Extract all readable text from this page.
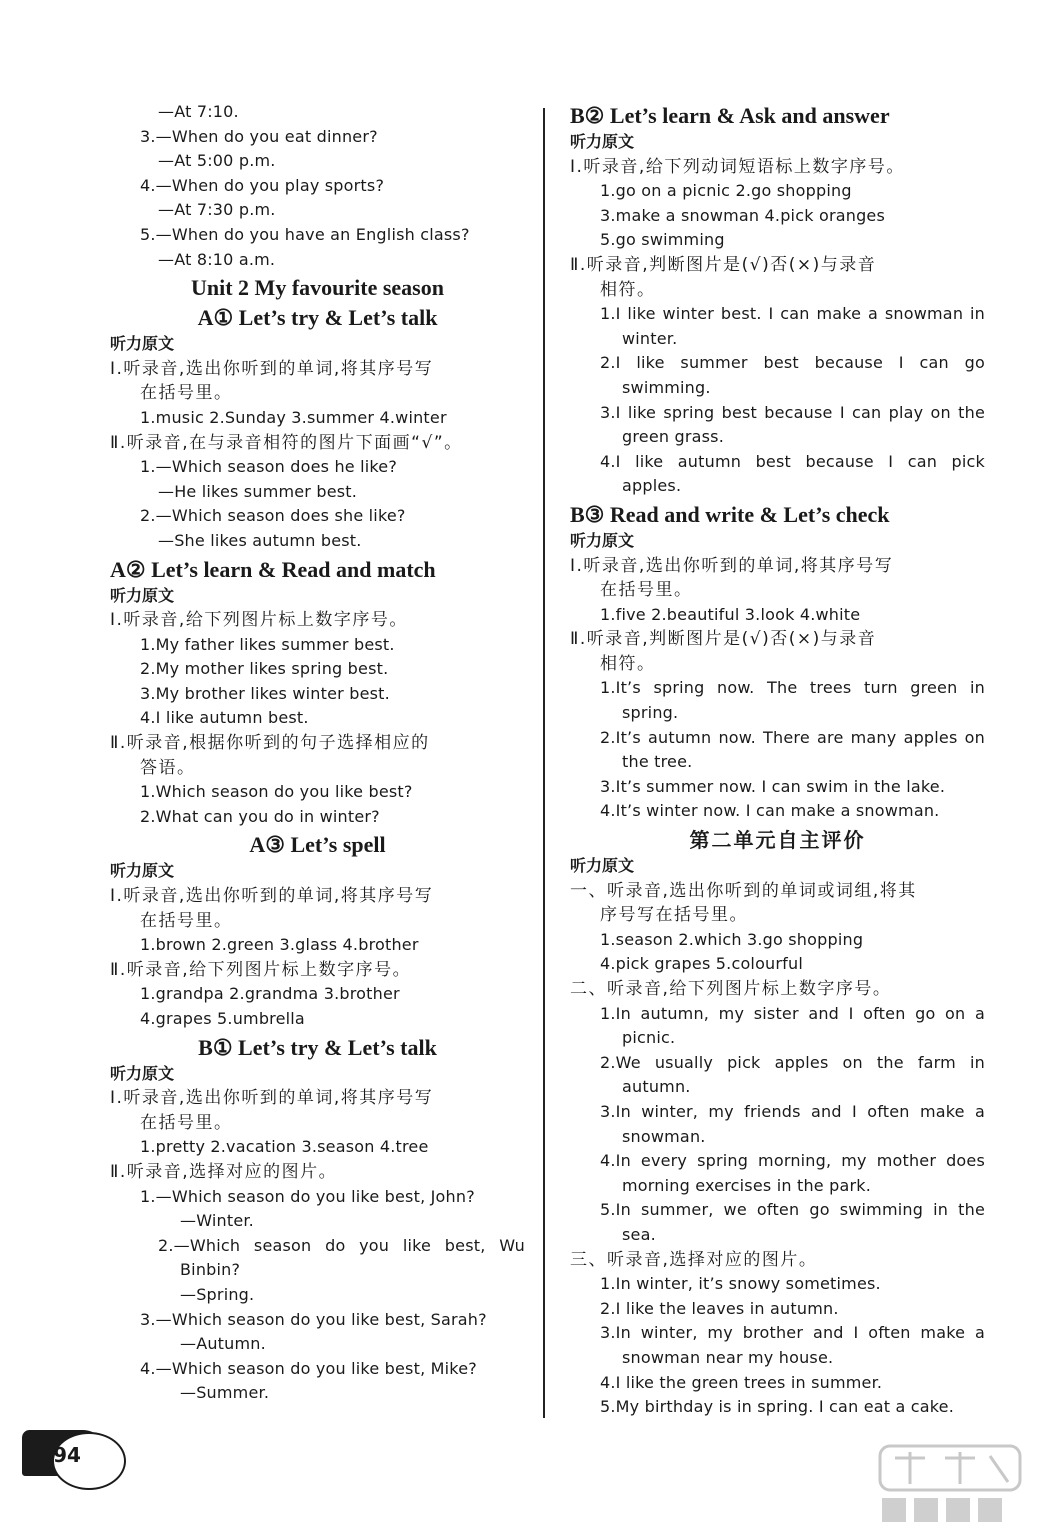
—At 7:10.

3.—When do you eat dinner?

—At 5:00 p.m.

4.—When do you play sports?

—At 7:30 p.m.

5.—When do you have an English class?

—At 8:10 a.m.

Unit 2 My favourite season

A① Let’s try & Let’s talk

听力原文

Ⅰ.听录音,选出你听到的单词,将其序号写

在括号里。

1.music 2.Sunday 3.summer 4.winter

Ⅱ.听录音,在与录音相符的图片下面画“√”。

1.—Which season does he like?

—He likes summer best.

2.—Which season does she like?

—She likes autumn best.

A② Let’s learn & Read and match

听力原文

Ⅰ.听录音,给下列图片标上数字序号。

1.My father likes summer best.

2.My mother likes spring best.

3.My brother likes winter best.

4.I like autumn best.

Ⅱ.听录音,根据你听到的句子选择相应的

答语。

1.Which season do you like best?

2.What can you do in winter?

A③ Let’s spell

听力原文

Ⅰ.听录音,选出你听到的单词,将其序号写

在括号里。

1.brown 2.green 3.glass 4.brother

Ⅱ.听录音,给下列图片标上数字序号。

1.grandpa 2.grandma 3.brother

4.grapes 5.umbrella

B① Let’s try & Let’s talk

听力原文

Ⅰ.听录音,选出你听到的单词,将其序号写

在括号里。

1.pretty 2.vacation 3.season 4.tree

Ⅱ.听录音,选择对应的图片。

1.—Which season do you like best, John?

—Winter.

2.—Which season do you like best, Wu Binbin?

—Spring.

3.—Which season do you like best, Sarah?

—Autumn.

4.—Which season do you like best, Mike?

—Summer.

B② Let’s learn & Ask and answer

听力原文

Ⅰ.听录音,给下列动词短语标上数字序号。

1.go on a picnic 2.go shopping

3.make a snowman 4.pick oranges

5.go swimming

Ⅱ.听录音,判断图片是(√)否(×)与录音

相符。

1.I like winter best. I can make a snowman in winter.

2.I like summer best because I can go swimming.

3.I like spring best because I can play on the green grass.

4.I like autumn best because I can pick apples.

B③ Read and write & Let’s check

听力原文

Ⅰ.听录音,选出你听到的单词,将其序号写

在括号里。

1.five 2.beautiful 3.look 4.white

Ⅱ.听录音,判断图片是(√)否(×)与录音

相符。

1.It’s spring now. The trees turn green in spring.

2.It’s autumn now. There are many apples on the tree.

3.It’s summer now. I can swim in the lake.

4.It’s winter now. I can make a snowman.

第二单元自主评价

听力原文

一、听录音,选出你听到的单词或词组,将其

序号写在括号里。

1.season 2.which 3.go shopping

4.pick grapes 5.colourful

二、听录音,给下列图片标上数字序号。

1.In autumn, my sister and I often go on a picnic.

2.We usually pick apples on the farm in autumn.

3.In winter, my friends and I often make a snowman.

4.In every spring morning, my mother does morning exercises in the park.

5.In summer, we often go swimming in the sea.

三、听录音,选择对应的图片。

1.In winter, it’s snowy sometimes.

2.I like the leaves in autumn.

3.In winter, my brother and I often make a snowman near my house.

4.I like the green trees in summer.

5.My birthday is in spring. I can eat a cake.

94
